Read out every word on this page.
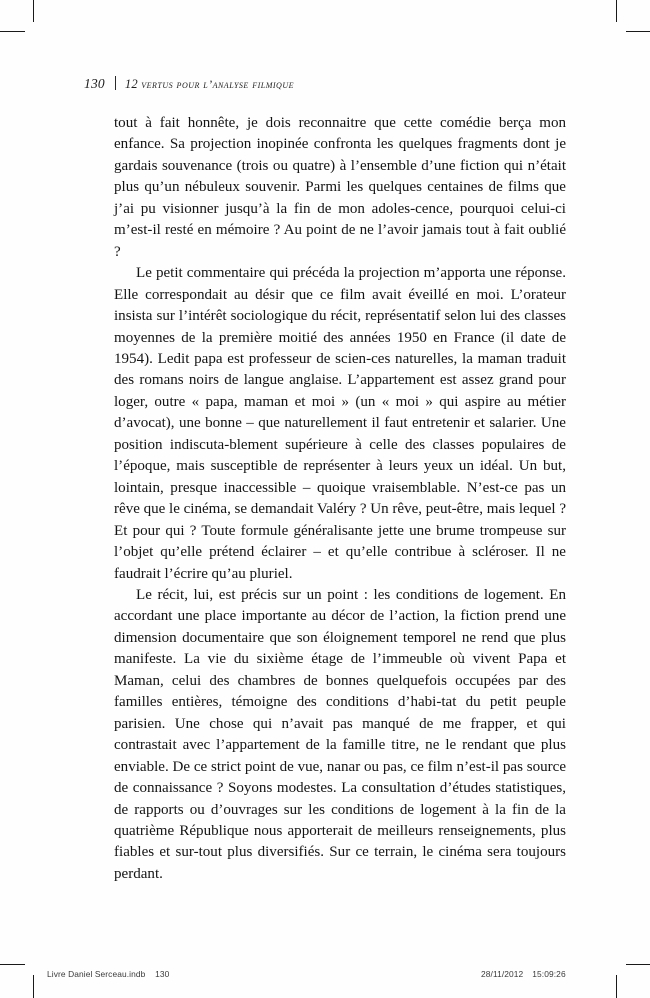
130 12 vertus pour l’analyse filmique

tout à fait honnête, je dois reconnaitre que cette comédie berça mon enfance. Sa projection inopinée confronta les quelques fragments dont je gardais souvenance (trois ou quatre) à l’ensemble d’une fiction qui n’était plus qu’un nébuleux souvenir. Parmi les quelques centaines de films que j’ai pu visionner jusqu’à la fin de mon adoles-cence, pourquoi celui-ci m’est-il resté en mémoire ? Au point de ne l’avoir jamais tout à fait oublié ?

Le petit commentaire qui précéda la projection m’apporta une réponse. Elle correspondait au désir que ce film avait éveillé en moi. L’orateur insista sur l’intérêt sociologique du récit, représentatif selon lui des classes moyennes de la première moitié des années 1950 en France (il date de 1954). Ledit papa est professeur de scien-ces naturelles, la maman traduit des romans noirs de langue anglaise. L’appartement est assez grand pour loger, outre « papa, maman et moi » (un « moi » qui aspire au métier d’avocat), une bonne – que naturellement il faut entretenir et salarier. Une position indiscuta-blement supérieure à celle des classes populaires de l’époque, mais susceptible de représenter à leurs yeux un idéal. Un but, lointain, presque inaccessible – quoique vraisemblable. N’est-ce pas un rêve que le cinéma, se demandait Valéry ? Un rêve, peut-être, mais lequel ? Et pour qui ? Toute formule généralisante jette une brume trompeuse sur l’objet qu’elle prétend éclairer – et qu’elle contribue à scléroser. Il ne faudrait l’écrire qu’au pluriel.

Le récit, lui, est précis sur un point : les conditions de logement. En accordant une place importante au décor de l’action, la fiction prend une dimension documentaire que son éloignement temporel ne rend que plus manifeste. La vie du sixième étage de l’immeuble où vivent Papa et Maman, celui des chambres de bonnes quelquefois occupées par des familles entières, témoigne des conditions d’habi-tat du petit peuple parisien. Une chose qui n’avait pas manqué de me frapper, et qui contrastait avec l’appartement de la famille titre, ne le rendant que plus enviable. De ce strict point de vue, nanar ou pas, ce film n’est-il pas source de connaissance ? Soyons modestes. La consultation d’études statistiques, de rapports ou d’ouvrages sur les conditions de logement à la fin de la quatrième République nous apporterait de meilleurs renseignements, plus fiables et sur-tout plus diversifiés. Sur ce terrain, le cinéma sera toujours perdant.

Livre Daniel Serceau.indb 130	28/11/2012 15:09:26
